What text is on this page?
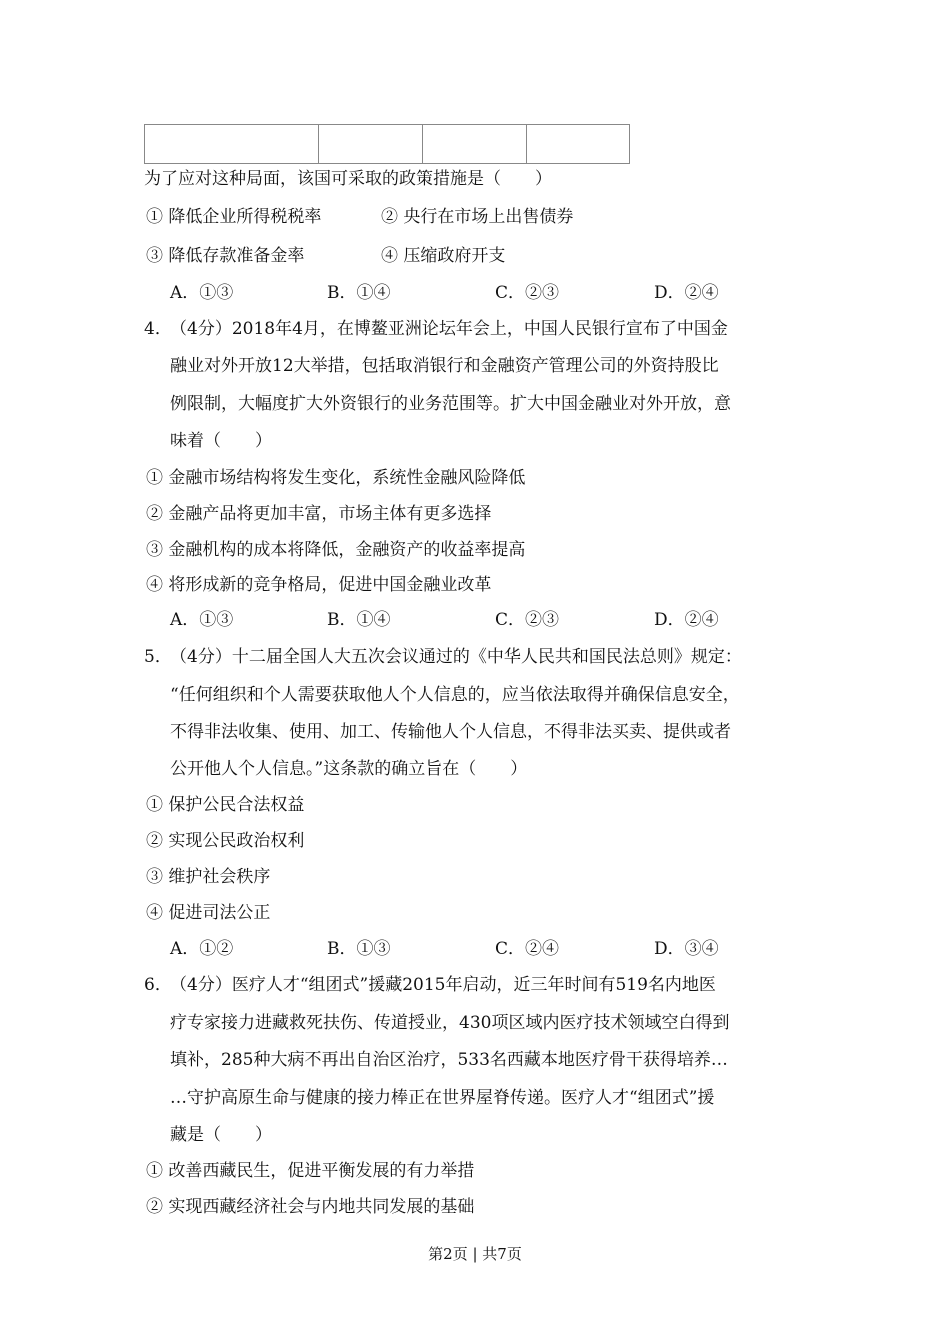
为了应对这种局面，该国可采取的政策措施是（　　）
① 降低企业所得税税率	② 央行在市场上出售债券
③ 降低存款准备金率	④ 压缩政府开支
A．①③	B．①④	C．②③	D．②④
4．
（4分）2018年4月，在博鳌亚洲论坛年会上，中国人民银行宣布了中国金
融业对外开放12大举措，包括取消银行和金融资产管理公司的外资持股比
例限制，大幅度扩大外资银行的业务范围等。扩大中国金融业对外开放，意
味着（　　）
① 金融市场结构将发生变化，系统性金融风险降低
② 金融产品将更加丰富，市场主体有更多选择
③ 金融机构的成本将降低，金融资产的收益率提高
④ 将形成新的竞争格局，促进中国金融业改革
A．①③	B．①④	C．②③	D．②④
5．
（4分）十二届全国人大五次会议通过的《中华人民共和国民法总则》规定：
“任何组织和个人需要获取他人个人信息的，应当依法取得并确保信息安全，
不得非法收集、使用、加工、传输他人个人信息，不得非法买卖、提供或者
公开他人个人信息。”这条款的确立旨在（　　）
① 保护公民合法权益
② 实现公民政治权利
③ 维护社会秩序
④ 促进司法公正
A．①②	B．①③	C．②④	D．③④
6．
（4分）医疗人才“组团式”援藏2015年启动，近三年时间有519名内地医
疗专家接力进藏救死扶伤、传道授业，430项区域内医疗技术领域空白得到
填补，285种大病不再出自治区治疗，533名西藏本地医疗骨干获得培养…
…守护高原生命与健康的接力棒正在世界屋脊传递。医疗人才“组团式”援
藏是（　　）
① 改善西藏民生，促进平衡发展的有力举措
② 实现西藏经济社会与内地共同发展的基础
第2页 | 共7页
